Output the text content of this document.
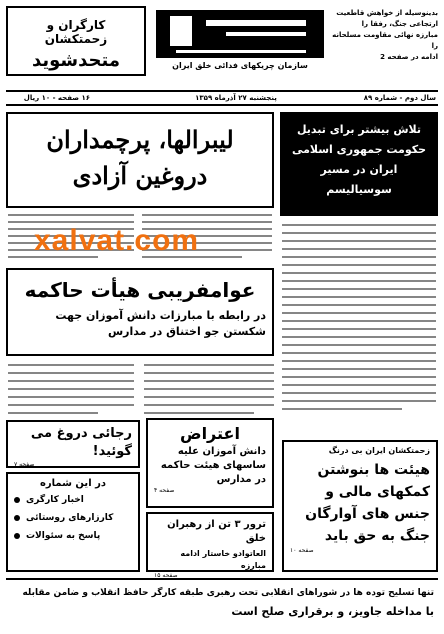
کارگران و زحمتکشان
متحدشوید	سازمان چریکهای فدائی خلق ایران
بدینوسیله از خواهش قاطعیت
ارتجاعی جنگ، رفقا را
مبارزه نهائی مقاومت مسلحانه را
ادامه در صفحه 2
۱۶ صفحه - ۱۰ ریال	پنجشنبه ۲۷ آذرماه ۱۳۵۹	سال دوم - شماره ۸۹
لیبرالها، پرچمداران دروغین آزادی
تلاش بیشتر برای تبدیل حکومت جمهوری اسلامی ایران در مسیر سوسیالیسم
xalvat.com
عوامفریبی هیأت حاکمه
در رابطه با مبارزات دانش آموزان جهت شکستن جو اختناق در مدارس
رجائی دروغ می گوئید!
صفحه ۷
در این شماره
اخبار کارگری
کارزارهای روستائی
پاسخ به سئوالات
اعتراض
دانش آموزان علیه ساسهای هیئت حاکمه در مدارس
صفحه ۴
ترور ۳ تن از رهبران خلق
العاتوادو خاستار ادامه مبارزه
صفحه ۱۵
زحمتکشان ایران بی درنگ
هیئت ها بنوشتن کمکهای مالی و جنس های آوارگان جنگ به حق باید
صفحه ۱۰
تنها تسلیح توده ها در شوراهای انقلابی تحت رهبری طبقه کارگر حافظ انقلاب و ضامن مقابله
با مداخله جاویز، و برقراری صلح است
